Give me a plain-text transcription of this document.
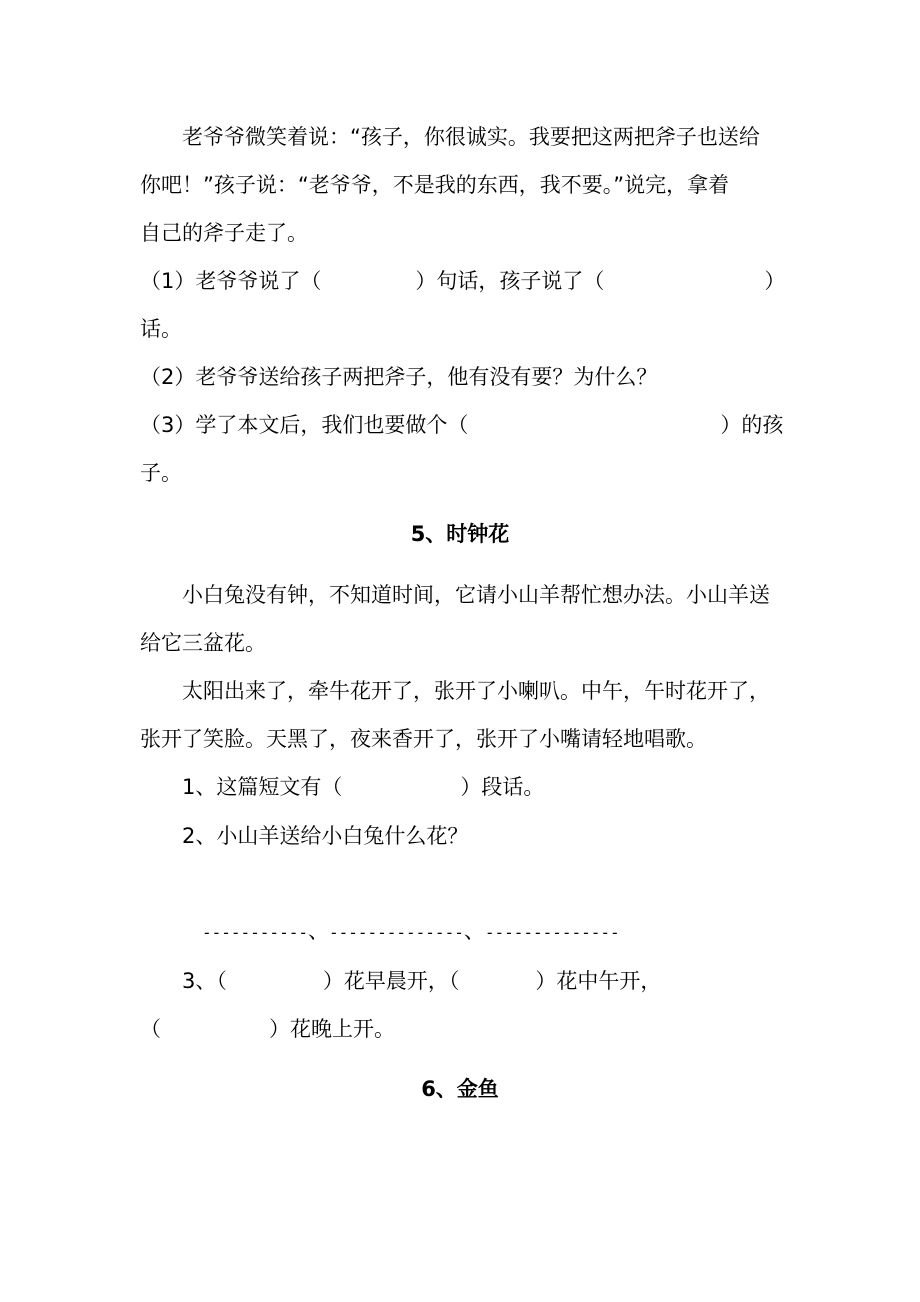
老爷爷微笑着说：“孩子，你很诚实。我要把这两把斧子也送给
你吧！”孩子说：“老爷爷，不是我的东西，我不要。”说完，拿着
自己的斧子走了。
（1）老爷爷说了（	）句话，孩子说了（	）
话。
（2）老爷爷送给孩子两把斧子，他有没有要？为什么？
（3）学了本文后，我们也要做个（	）的孩
子。
5、时钟花
小白兔没有钟，不知道时间，它请小山羊帮忙想办法。小山羊送
给它三盆花。
太阳出来了，牵牛花开了，张开了小喇叭。中午，午时花开了，
张开了笑脸。天黑了，夜来香开了，张开了小嘴请轻地唱歌。
1、这篇短文有（	）段话。
2、小山羊送给小白兔什么花？
-----------、--------------、--------------
3、（	）花早晨开，（	）花中午开，
（	）花晚上开。
6、金鱼
